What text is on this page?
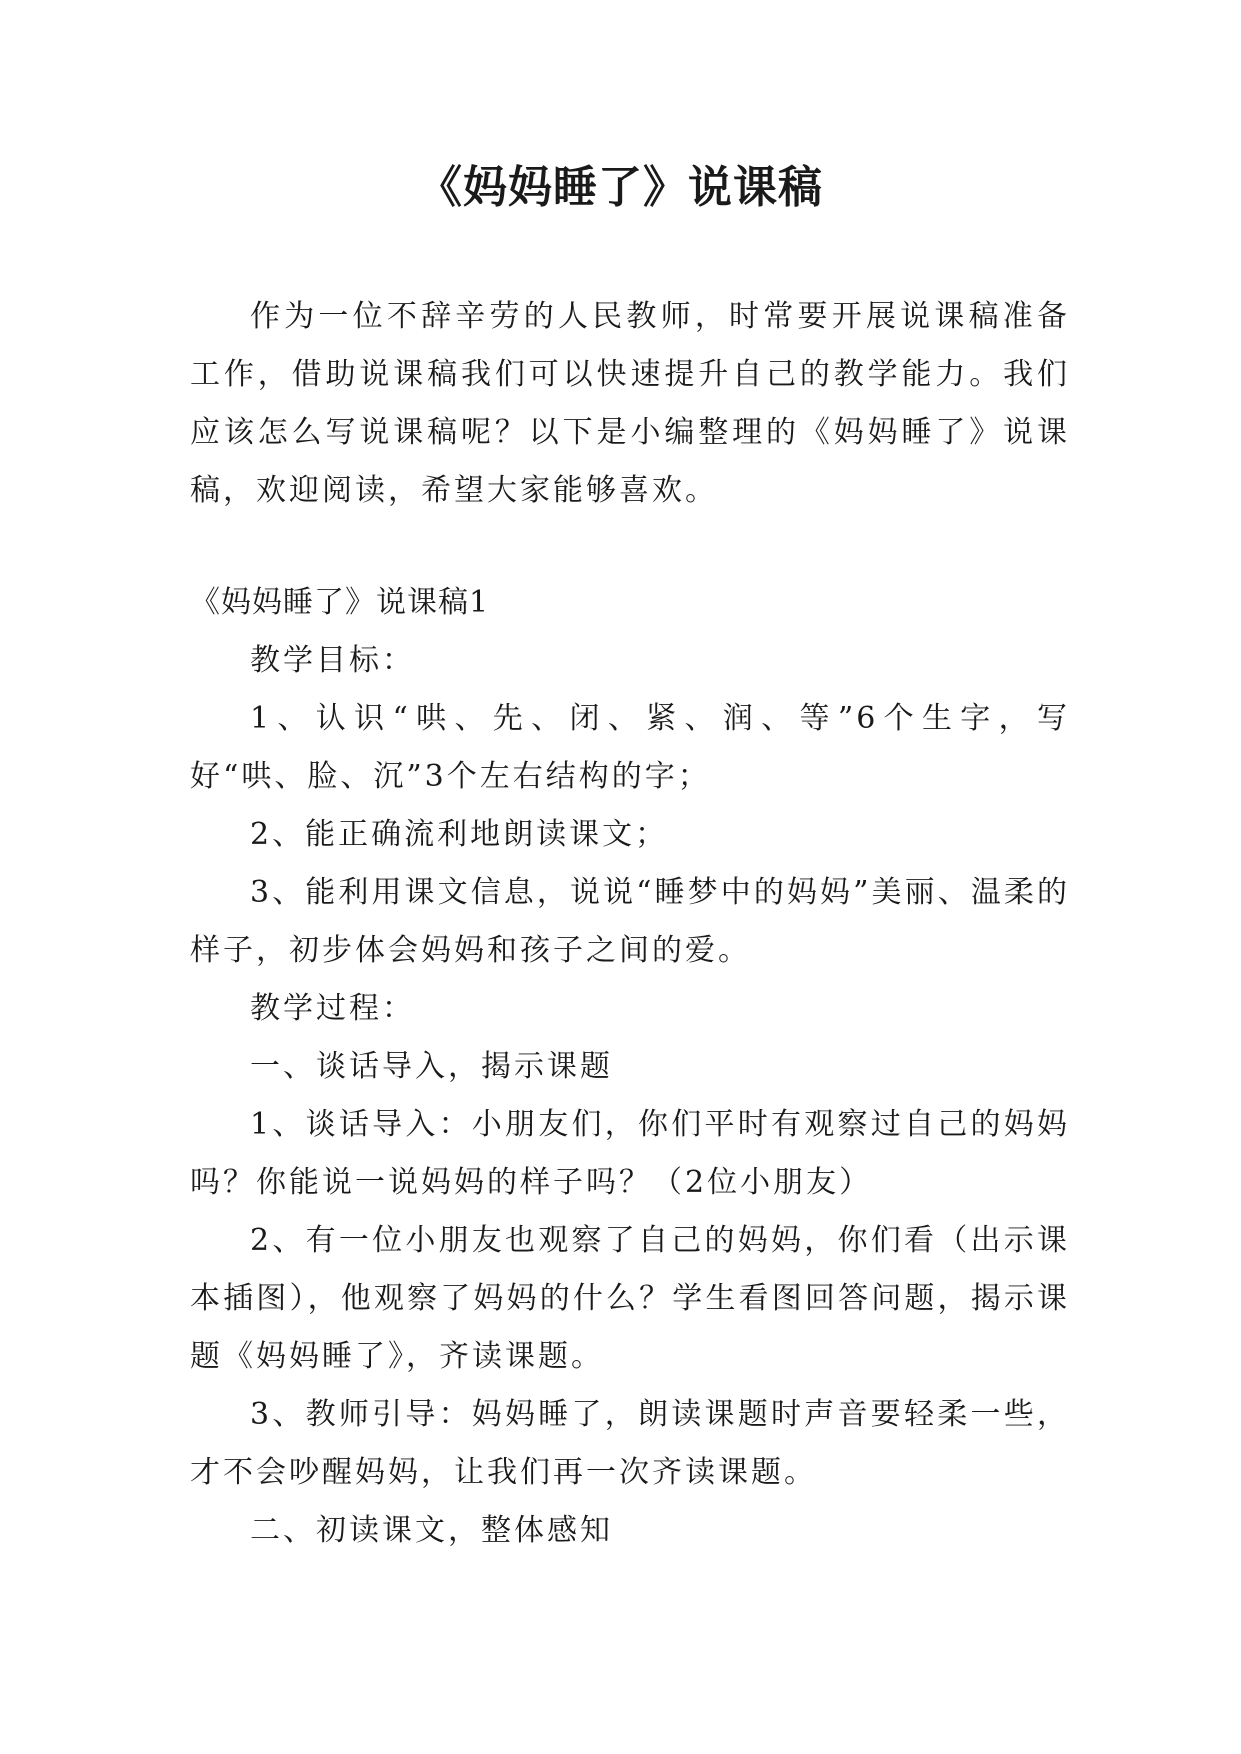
《妈妈睡了》说课稿

作为一位不辞辛劳的人民教师，时常要开展说课稿准备工作，借助说课稿我们可以快速提升自己的教学能力。我们应该怎么写说课稿呢？以下是小编整理的《妈妈睡了》说课稿，欢迎阅读，希望大家能够喜欢。

《妈妈睡了》说课稿1

教学目标：

1、认识“哄、先、闭、紧、润、等”6个生字，写好“哄、脸、沉”3个左右结构的字；

2、能正确流利地朗读课文；

3、能利用课文信息，说说“睡梦中的妈妈”美丽、温柔的样子，初步体会妈妈和孩子之间的爱。

教学过程：

一、谈话导入，揭示课题

1、谈话导入：小朋友们，你们平时有观察过自己的妈妈吗？你能说一说妈妈的样子吗？（2位小朋友）

2、有一位小朋友也观察了自己的妈妈，你们看（出示课本插图），他观察了妈妈的什么？学生看图回答问题，揭示课题《妈妈睡了》，齐读课题。

3、教师引导：妈妈睡了，朗读课题时声音要轻柔一些，才不会吵醒妈妈，让我们再一次齐读课题。

二、初读课文，整体感知
